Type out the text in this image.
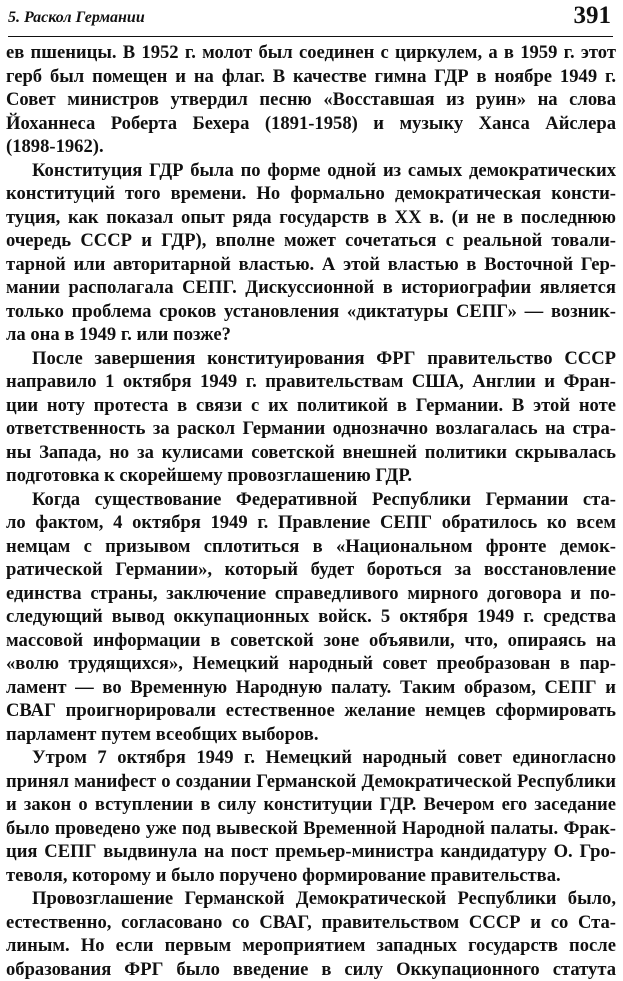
5. Раскол Германии	391
ев пшеницы. В 1952 г. молот был соединен с циркулем, а в 1959 г. этот
герб был помещен и на флаг. В качестве гимна ГДР в ноябре 1949 г.
Совет министров утвердил песню «Восставшая из руин» на слова
Йоханнеса Роберта Бехера (1891-1958) и музыку Ханса Айслера
(1898-1962).
Конституция ГДР была по форме одной из самых демократических
конституций того времени. Но формально демократическая консти-
туция, как показал опыт ряда государств в XX в. (и не в последнюю
очередь СССР и ГДР), вполне может сочетаться с реальной товали-
тарной или авторитарной властью. А этой властью в Восточной Гер-
мании располагала СЕПГ. Дискуссионной в историографии является
только проблема сроков установления «диктатуры СЕПГ» — возник-
ла она в 1949 г. или позже?
После завершения конституирования ФРГ правительство СССР
направило 1 октября 1949 г. правительствам США, Англии и Фран-
ции ноту протеста в связи с их политикой в Германии. В этой ноте
ответственность за раскол Германии однозначно возлагалась на стра-
ны Запада, но за кулисами советской внешней политики скрывалась
подготовка к скорейшему провозглашению ГДР.
Когда существование Федеративной Республики Германии ста-
ло фактом, 4 октября 1949 г. Правление СЕПГ обратилось ко всем
немцам с призывом сплотиться в «Национальном фронте демок-
ратической Германии», который будет бороться за восстановление
единства страны, заключение справедливого мирного договора и по-
следующий вывод оккупационных войск. 5 октября 1949 г. средства
массовой информации в советской зоне объявили, что, опираясь на
«волю трудящихся», Немецкий народный совет преобразован в пар-
ламент — во Временную Народную палату. Таким образом, СЕПГ и
СВАГ проигнорировали естественное желание немцев сформировать
парламент путем всеобщих выборов.
Утром 7 октября 1949 г. Немецкий народный совет единогласно
принял манифест о создании Германской Демократической Республики
и закон о вступлении в силу конституции ГДР. Вечером его заседание
было проведено уже под вывеской Временной Народной палаты. Фрак-
ция СЕПГ выдвинула на пост премьер-министра кандидатуру О. Гро-
теволя, которому и было поручено формирование правительства.
Провозглашение Германской Демократической Республики было,
естественно, согласовано со СВАГ, правительством СССР и со Ста-
линым. Но если первым мероприятием западных государств после
образования ФРГ было введение в силу Оккупационного статута
